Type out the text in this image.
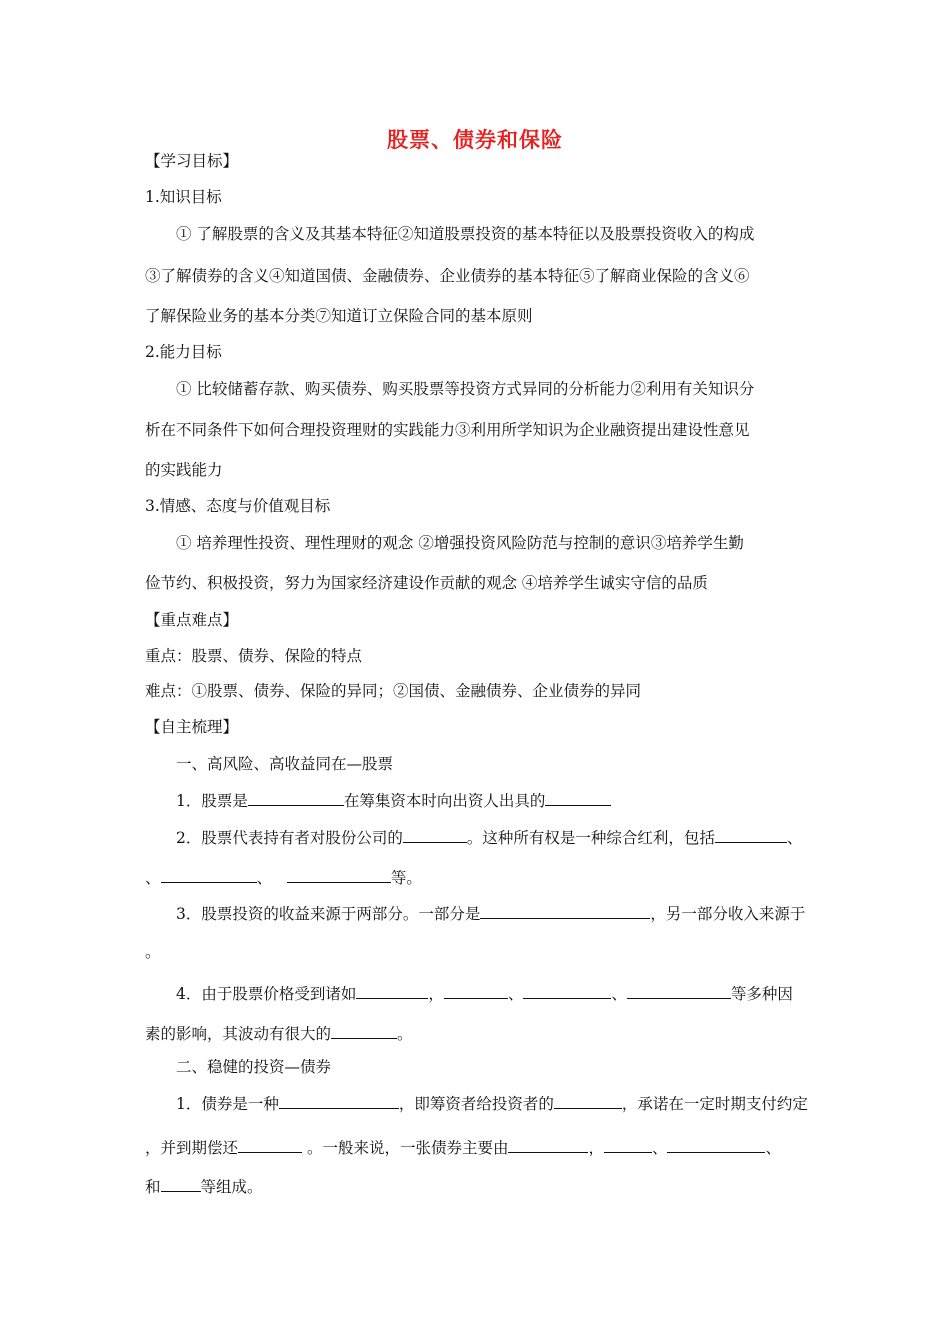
股票、债券和保险
【学习目标】
1.知识目标
① 了解股票的含义及其基本特征②知道股票投资的基本特征以及股票投资收入的构成
③了解债券的含义④知道国债、金融债券、企业债券的基本特征⑤了解商业保险的含义⑥
了解保险业务的基本分类⑦知道订立保险合同的基本原则
2.能力目标
① 比较储蓄存款、购买债券、购买股票等投资方式异同的分析能力②利用有关知识分
析在不同条件下如何合理投资理财的实践能力③利用所学知识为企业融资提出建设性意见
的实践能力
3.情感、态度与价值观目标
① 培养理性投资、理性理财的观念 ②增强投资风险防范与控制的意识③培养学生勤
俭节约、积极投资，努力为国家经济建设作贡献的观念 ④培养学生诚实守信的品质
【重点难点】
重点：股票、债券、保险的特点
难点：①股票、债券、保险的异同；②国债、金融债券、企业债券的异同
【自主梳理】
一、高风险、高收益同在—股票
1．股票是	在筹集资本时向出资人出具的
2．股票代表持有者对股份公司的	。这种所有权是一种综合红利，包括	、
、	、	等。
3．股票投资的收益来源于两部分。一部分是	，另一部分收入来源于
。
4．由于股票价格受到诸如	，	、	、	等多种因
素的影响，其波动有很大的	。
二、稳健的投资—债券
1．债券是一种	，即筹资者给投资者的	，承诺在一定时期支付约定
，并到期偿还	。一般来说，一张债券主要由	，	、	、
和	等组成。
